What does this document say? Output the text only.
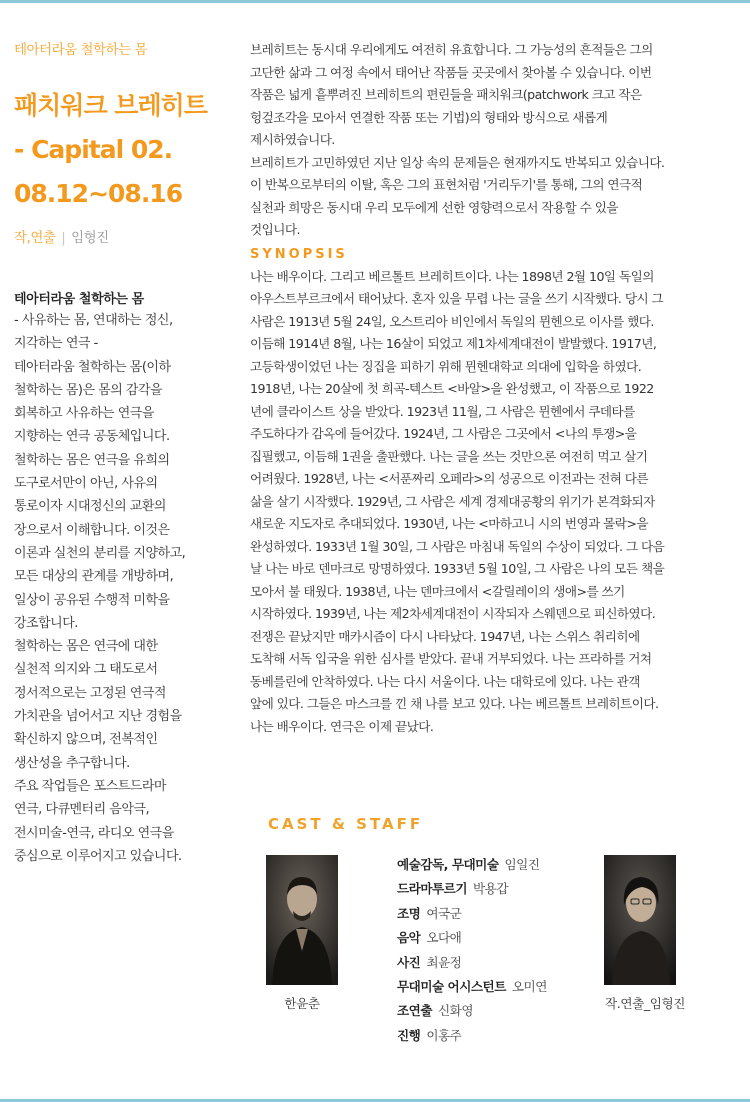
테아터라움 철학하는 몸

패치워크 브레히트
- Capital 02.
08.12~08.16
작,연출 | 임형진
테아터라움 철학하는 몸
- 사유하는 몸, 연대하는 정신,
지각하는 연극 -
테아터라움 철학하는 몸(이하
철학하는 몸)은 몸의 감각을
회복하고 사유하는 연극을
지향하는 연극 공동체입니다.
철학하는 몸은 연극을 유희의
도구로서만이 아닌, 사유의
통로이자 시대정신의 교환의
장으로서 이해합니다. 이것은
이론과 실천의 분리를 지양하고,
모든 대상의 관계를 개방하며,
일상이 공유된 수행적 미학을
강조합니다.
철학하는 몸은 연극에 대한
실천적 의지와 그 태도로서
정서적으로는 고정된 연극적
가치관을 넘어서고 지난 경험을
확신하지 않으며, 전복적인
생산성을 추구합니다.
주요 작업들은 포스트드라마
연극, 다큐멘터리 음악극,
전시미술-연극, 라디오 연극을
중심으로 이루어지고 있습니다.
브레히트는 동시대 우리에게도 여전히 유효합니다. 그 가능성의 흔적들은 그의
고단한 삶과 그 여정 속에서 태어난 작품들 곳곳에서 찾아볼 수 있습니다. 이번
작품은 넓게 흩뿌려진 브레히트의 편린들을 패치워크(patchwork 크고 작은
헝겊조각을 모아서 연결한 작품 또는 기법)의 형태와 방식으로 새롭게
제시하였습니다.
브레히트가 고민하였던 지난 일상 속의 문제들은 현재까지도 반복되고 있습니다.
이 반복으로부터의 이탈, 혹은 그의 표현처럼 '거리두기'를 통해, 그의 연극적
실천과 희망은 동시대 우리 모두에게 선한 영향력으로서 작용할 수 있을
것입니다.
SYNOPSIS
나는 배우이다. 그리고 베르톨트 브레히트이다. 나는 1898년 2월 10일 독일의
아우스트부르크에서 태어났다. 혼자 있을 무렵 나는 글을 쓰기 시작했다. 당시 그
사람은 1913년 5월 24일, 오스트리아 비인에서 독일의 뮌헨으로 이사를 했다.
이듬해 1914년 8월, 나는 16살이 되었고 제1차세계대전이 발발했다. 1917년,
고등학생이었던 나는 징집을 피하기 위해 뮌헨대학교 의대에 입학을 하였다.
1918년, 나는 20살에 첫 희곡-텍스트 <바알>을 완성했고, 이 작품으로 1922
년에 클라이스트 상을 받았다. 1923년 11월, 그 사람은 뮌헨에서 쿠데타를
주도하다가 감옥에 들어갔다. 1924년, 그 사람은 그곳에서 <나의 투쟁>을
집필했고, 이듬해 1권을 출판했다. 나는 글을 쓰는 것만으론 여전히 먹고 살기
어려웠다. 1928년, 나는 <서푼짜리 오페라>의 성공으로 이전과는 전혀 다른
삶을 살기 시작했다. 1929년, 그 사람은 세계 경제대공황의 위기가 본격화되자
새로운 지도자로 추대되었다. 1930년, 나는 <마하고니 시의 번영과 몰락>을
완성하였다. 1933년 1월 30일, 그 사람은 마침내 독일의 수상이 되었다. 그 다음
날 나는 바로 덴마크로 망명하였다. 1933년 5월 10일, 그 사람은 나의 모든 책을
모아서 불 태웠다. 1938년, 나는 덴마크에서 <갈릴레이의 생애>를 쓰기
시작하였다. 1939년, 나는 제2차세계대전이 시작되자 스웨덴으로 피신하였다.
전쟁은 끝났지만 매카시즘이 다시 나타났다. 1947년, 나는 스위스 취리히에
도착해 서독 입국을 위한 심사를 받았다. 끝내 거부되었다. 나는 프라하를 거쳐
동베를린에 안착하였다. 나는 다시 서울이다. 나는 대학로에 있다. 나는 관객
앞에 있다. 그들은 마스크를 낀 채 나를 보고 있다. 나는 베르톨트 브레히트이다.
나는 배우이다. 연극은 이제 끝났다.
CAST & STAFF
한윤춘
예술감독, 무대미술 임일진
드라마투르기 박용갑
조명 여국군
음악 오다애
사진 최윤정
무대미술 어시스턴트 오미연
조연출 신화영
진행 이홍주
작.연출_임형진
